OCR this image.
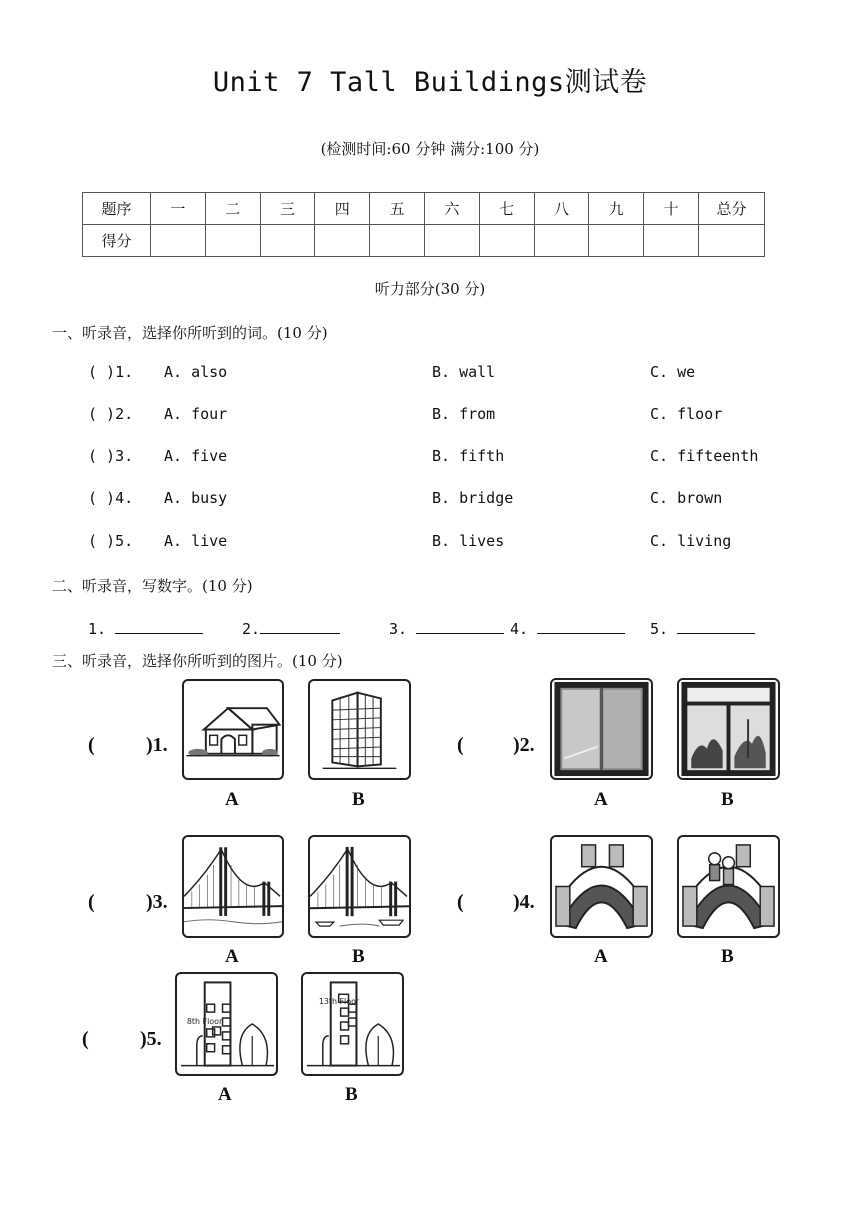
Unit 7 Tall Buildings测试卷
(检测时间:60 分钟 满分:100 分)
题序	一	二	三	四	五	六	七	八	九	十	总分
得分											
听力部分(30 分)
一、听录音，选择你所听到的词。(10 分)
( )1. A. also	B. wall	C. we
( )2. A. four	B. from	C. floor
( )3. A. five	B. fifth	C. fifteenth
( )4. A. busy	B. bridge	C. brown
( )5. A. live	B. lives	C. living
二、听录音，写数字。(10 分)
1.	2.	3.	4.	5.
三、听录音，选择你所听到的图片。(10 分)
(	)1.
A	B
( )2.
A	B
(	)3.
A	B
( )4.
A	B
(	)5.
8th Floor
13th Floor
A	B
